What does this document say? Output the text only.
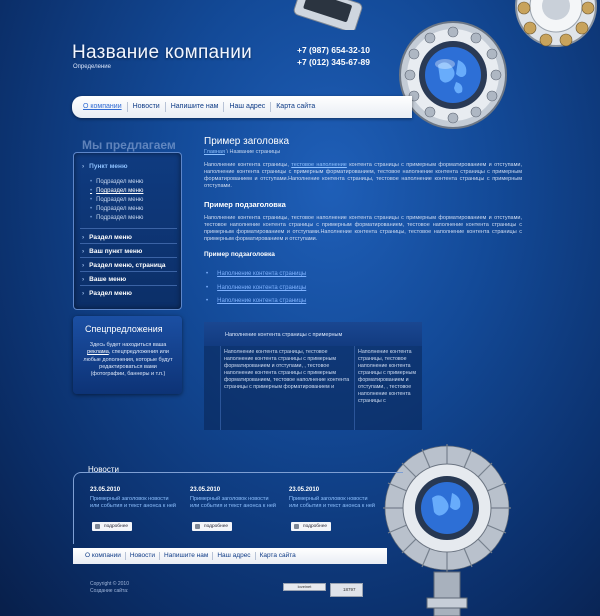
Название компании
Определение
+7 (987) 654-32-10
+7 (012) 345-67-89
О компании	Новости	Напишите нам	Наш адрес	Карта сайта
Мы предлагаем
› Пункт меню
• Подраздел меню
• Подраздел меню
• Подраздел меню
• Подраздел меню
• Подраздел меню
› Раздел меню
› Ваш пункт меню
› Раздел меню, страница
› Ваше меню
› Раздел меню
Спецпредложения
Здесь будет находиться ваша реклама, спецпредложения или любые дополнения, которые будут редактироваться вами (фотографии, баннеры и т.п.)
Пример заголовка
Главная \ Название страницы
Наполнение контента страницы, тестовое наполнение контента страницы с примерным форматированием и отступами, наполнение контента страницы с примерным форматированием, тестовое наполнение контента страницы с примерным форматированием и отступами.Наполнение контента страницы, тестовое наполнение контента страницы с примерным отступами.
Пример подзаголовка
Наполнение контента страницы, тестовое наполнение контента страницы с примерным форматированием и отступами, тестовое наполнение контента страницы с примерным форматированием, тестовое наполнение контента страницы с примерным форматированием и отступами.Наполнение контента страницы, тестовое наполнение контента страницы с примерным форматированием и отступами.
Пример подзаголовка
• Наполнение контента страницы
• Наполнение контента страницы
• Наполнение контента страницы
Наполнение контента страницы с примерным
Наполнение контента страницы, тестовое наполнение контента страницы с примерным форматированием и отступами, , тестовое наполнение контента страницы с примерным форматированием, тестовое наполнение контента страницы с примерным форматированием и
Наполнение контента страницы, тестовое наполнение контента страницы с примерным форматированием и отступами, , тестовое наполнение контента страницы с
Новости
23.05.2010
Примерный заголовок новости или события и текст анонса к ней
подробнее
23.05.2010
Примерный заголовок новости или события и текст анонса к ней
подробнее
23.05.2010
Примерный заголовок новости или события и текст анонса к ней
подробнее
О компании	Новости	Напишите нам	Наш адрес	Карта сайта
Copyright © 2010
Создание сайта:
loveinet
18797
